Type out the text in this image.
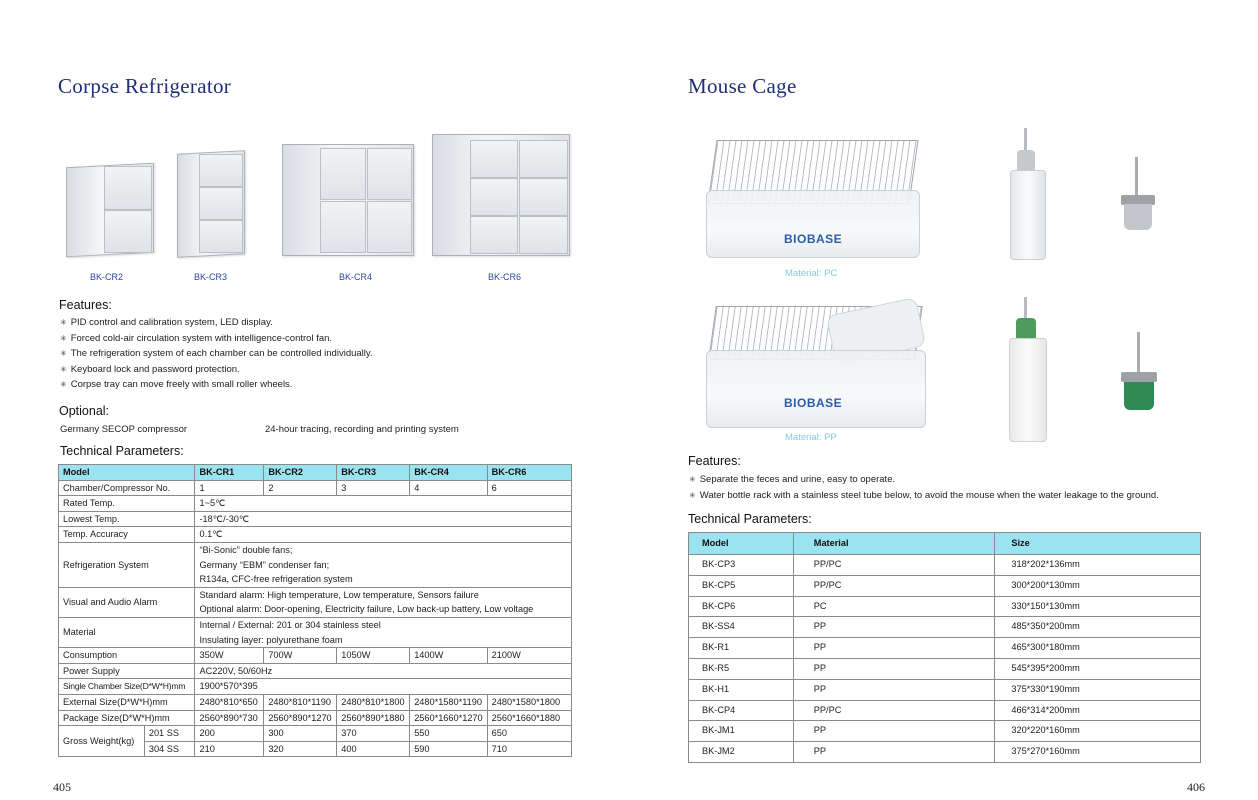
Corpse Refrigerator
BK-CR2	BK-CR3	BK-CR4	BK-CR6
Features:
✳ PID control and calibration system, LED display.
✳ Forced cold-air circulation system with intelligence-control fan.
✳ The refrigeration system of each chamber can be controlled individually.
✳ Keyboard lock and password protection.
✳ Corpse tray can move freely with small roller wheels.
Optional:
Germany SECOP compressor	24-hour tracing, recording and printing system
Technical Parameters:
Model		BK-CR1	BK-CR2	BK-CR3	BK-CR4	BK-CR6
Chamber/Compressor No.		1	2	3	4	6
Rated Temp.		1~5℃				
Lowest Temp.		-18℃/-30℃				
Temp. Accuracy		0.1℃				
Refrigeration System		“Bi-Sonic” double fans;				
		Germany “EBM” condenser fan;				
		R134a, CFC-free refrigeration system				
Visual and Audio Alarm		Standard alarm: High temperature, Low temperature, Sensors failure				
		Optional alarm: Door-opening, Electricity failure, Low back-up battery, Low voltage				
Material		Internal / External: 201 or 304 stainless steel				
		Insulating layer: polyurethane foam				
Consumption		350W	700W	1050W	1400W	2100W
Power Supply		AC220V, 50/60Hz				
Single Chamber Size(D*W*H)mm		1900*570*395				
External Size(D*W*H)mm		2480*810*650	2480*810*1190	2480*810*1800	2480*1580*1190	2480*1580*1800
Package Size(D*W*H)mm		2560*890*730	2560*890*1270	2560*890*1880	2560*1660*1270	2560*1660*1880
Gross Weight(kg)	201 SS	200	300	370	550	650
	304 SS	210	320	400	590	710
405
Mouse Cage
BIOBASE
Material: PC
BIOBASE
Material: PP
Features:
✳ Separate the feces and urine, easy to operate.
✳ Water bottle rack with a stainless steel tube below, to avoid the mouse when the water leakage to the ground.
Technical Parameters:
Model	Material	Size
BK-CP3	PP/PC	318*202*136mm
BK-CP5	PP/PC	300*200*130mm
BK-CP6	PC	330*150*130mm
BK-SS4	PP	485*350*200mm
BK-R1	PP	465*300*180mm
BK-R5	PP	545*395*200mm
BK-H1	PP	375*330*190mm
BK-CP4	PP/PC	466*314*200mm
BK-JM1	PP	320*220*160mm
BK-JM2	PP	375*270*160mm
406
